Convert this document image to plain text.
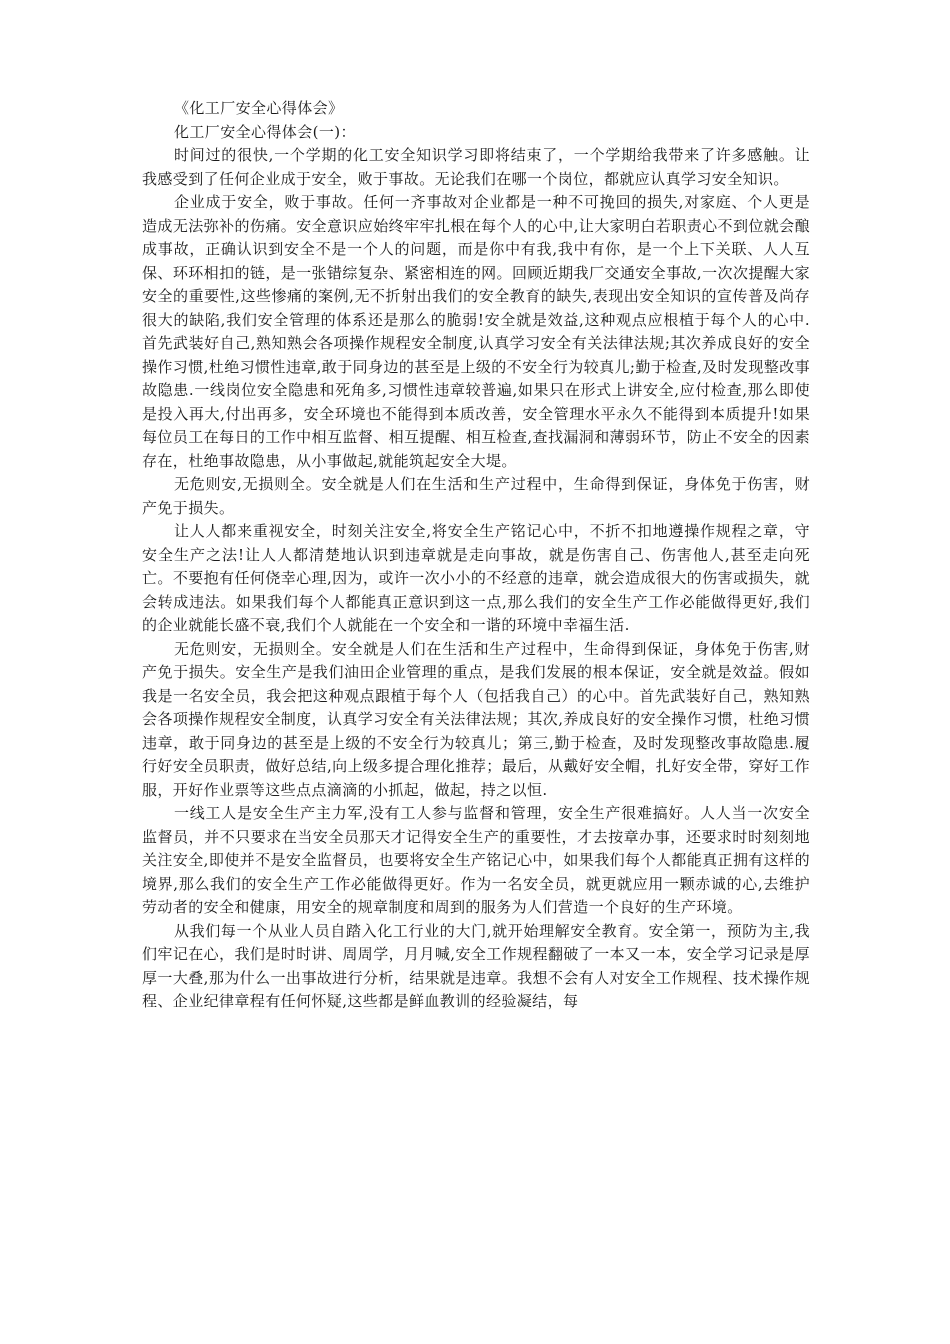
《化工厂安全心得体会》

化工厂安全心得体会(一)：

时间过的很快,一个学期的化工安全知识学习即将结束了，一个学期给我带来了许多感触。让我感受到了任何企业成于安全，败于事故。无论我们在哪一个岗位，都就应认真学习安全知识。

企业成于安全，败于事故。任何一齐事故对企业都是一种不可挽回的损失,对家庭、个人更是造成无法弥补的伤痛。安全意识应始终牢牢扎根在每个人的心中,让大家明白若职责心不到位就会酿成事故，正确认识到安全不是一个人的问题，而是你中有我,我中有你，是一个上下关联、人人互保、环环相扣的链，是一张错综复杂、紧密相连的网。回顾近期我厂交通安全事故,一次次提醒大家安全的重要性,这些惨痛的案例,无不折射出我们的安全教育的缺失,表现出安全知识的宣传普及尚存很大的缺陷,我们安全管理的体系还是那么的脆弱!安全就是效益,这种观点应根植于每个人的心中.首先武装好自己,熟知熟会各项操作规程安全制度,认真学习安全有关法律法规;其次养成良好的安全操作习惯,杜绝习惯性违章,敢于同身边的甚至是上级的不安全行为较真儿;勤于检查,及时发现整改事故隐患.一线岗位安全隐患和死角多,习惯性违章较普遍,如果只在形式上讲安全,应付检查,那么即使是投入再大,付出再多，安全环境也不能得到本质改善，安全管理水平永久不能得到本质提升!如果每位员工在每日的工作中相互监督、相互提醒、相互检查,查找漏洞和薄弱环节，防止不安全的因素存在，杜绝事故隐患，从小事做起,就能筑起安全大堤。

无危则安,无损则全。安全就是人们在生活和生产过程中，生命得到保证，身体免于伤害，财产免于损失。

让人人都来重视安全，时刻关注安全,将安全生产铭记心中，不折不扣地遵操作规程之章，守安全生产之法!让人人都清楚地认识到违章就是走向事故，就是伤害自己、伤害他人,甚至走向死亡。不要抱有任何侥幸心理,因为，或许一次小小的不经意的违章，就会造成很大的伤害或损失，就会转成违法。如果我们每个人都能真正意识到这一点,那么我们的安全生产工作必能做得更好,我们的企业就能长盛不衰,我们个人就能在一个安全和一谐的环境中幸福生活.

无危则安，无损则全。安全就是人们在生活和生产过程中，生命得到保证，身体免于伤害,财产免于损失。安全生产是我们油田企业管理的重点，是我们发展的根本保证，安全就是效益。假如我是一名安全员，我会把这种观点跟植于每个人（包括我自己）的心中。首先武装好自己，熟知熟会各项操作规程安全制度，认真学习安全有关法律法规；其次,养成良好的安全操作习惯，杜绝习惯违章，敢于同身边的甚至是上级的不安全行为较真儿；第三,勤于检查，及时发现整改事故隐患.履行好安全员职责，做好总结,向上级多提合理化推荐；最后，从戴好安全帽，扎好安全带，穿好工作服，开好作业票等这些点点滴滴的小抓起，做起，持之以恒.

一线工人是安全生产主力军,没有工人参与监督和管理，安全生产很难搞好。人人当一次安全监督员，并不只要求在当安全员那天才记得安全生产的重要性，才去按章办事，还要求时时刻刻地关注安全,即使并不是安全监督员，也要将安全生产铭记心中，如果我们每个人都能真正拥有这样的境界,那么我们的安全生产工作必能做得更好。作为一名安全员，就更就应用一颗赤诚的心,去维护劳动者的安全和健康，用安全的规章制度和周到的服务为人们营造一个良好的生产环境。

从我们每一个从业人员自踏入化工行业的大门,就开始理解安全教育。安全第一，预防为主,我们牢记在心，我们是时时讲、周周学，月月喊,安全工作规程翻破了一本又一本，安全学习记录是厚厚一大叠,那为什么一出事故进行分析，结果就是违章。我想不会有人对安全工作规程、技术操作规程、企业纪律章程有任何怀疑,这些都是鲜血教训的经验凝结，每
